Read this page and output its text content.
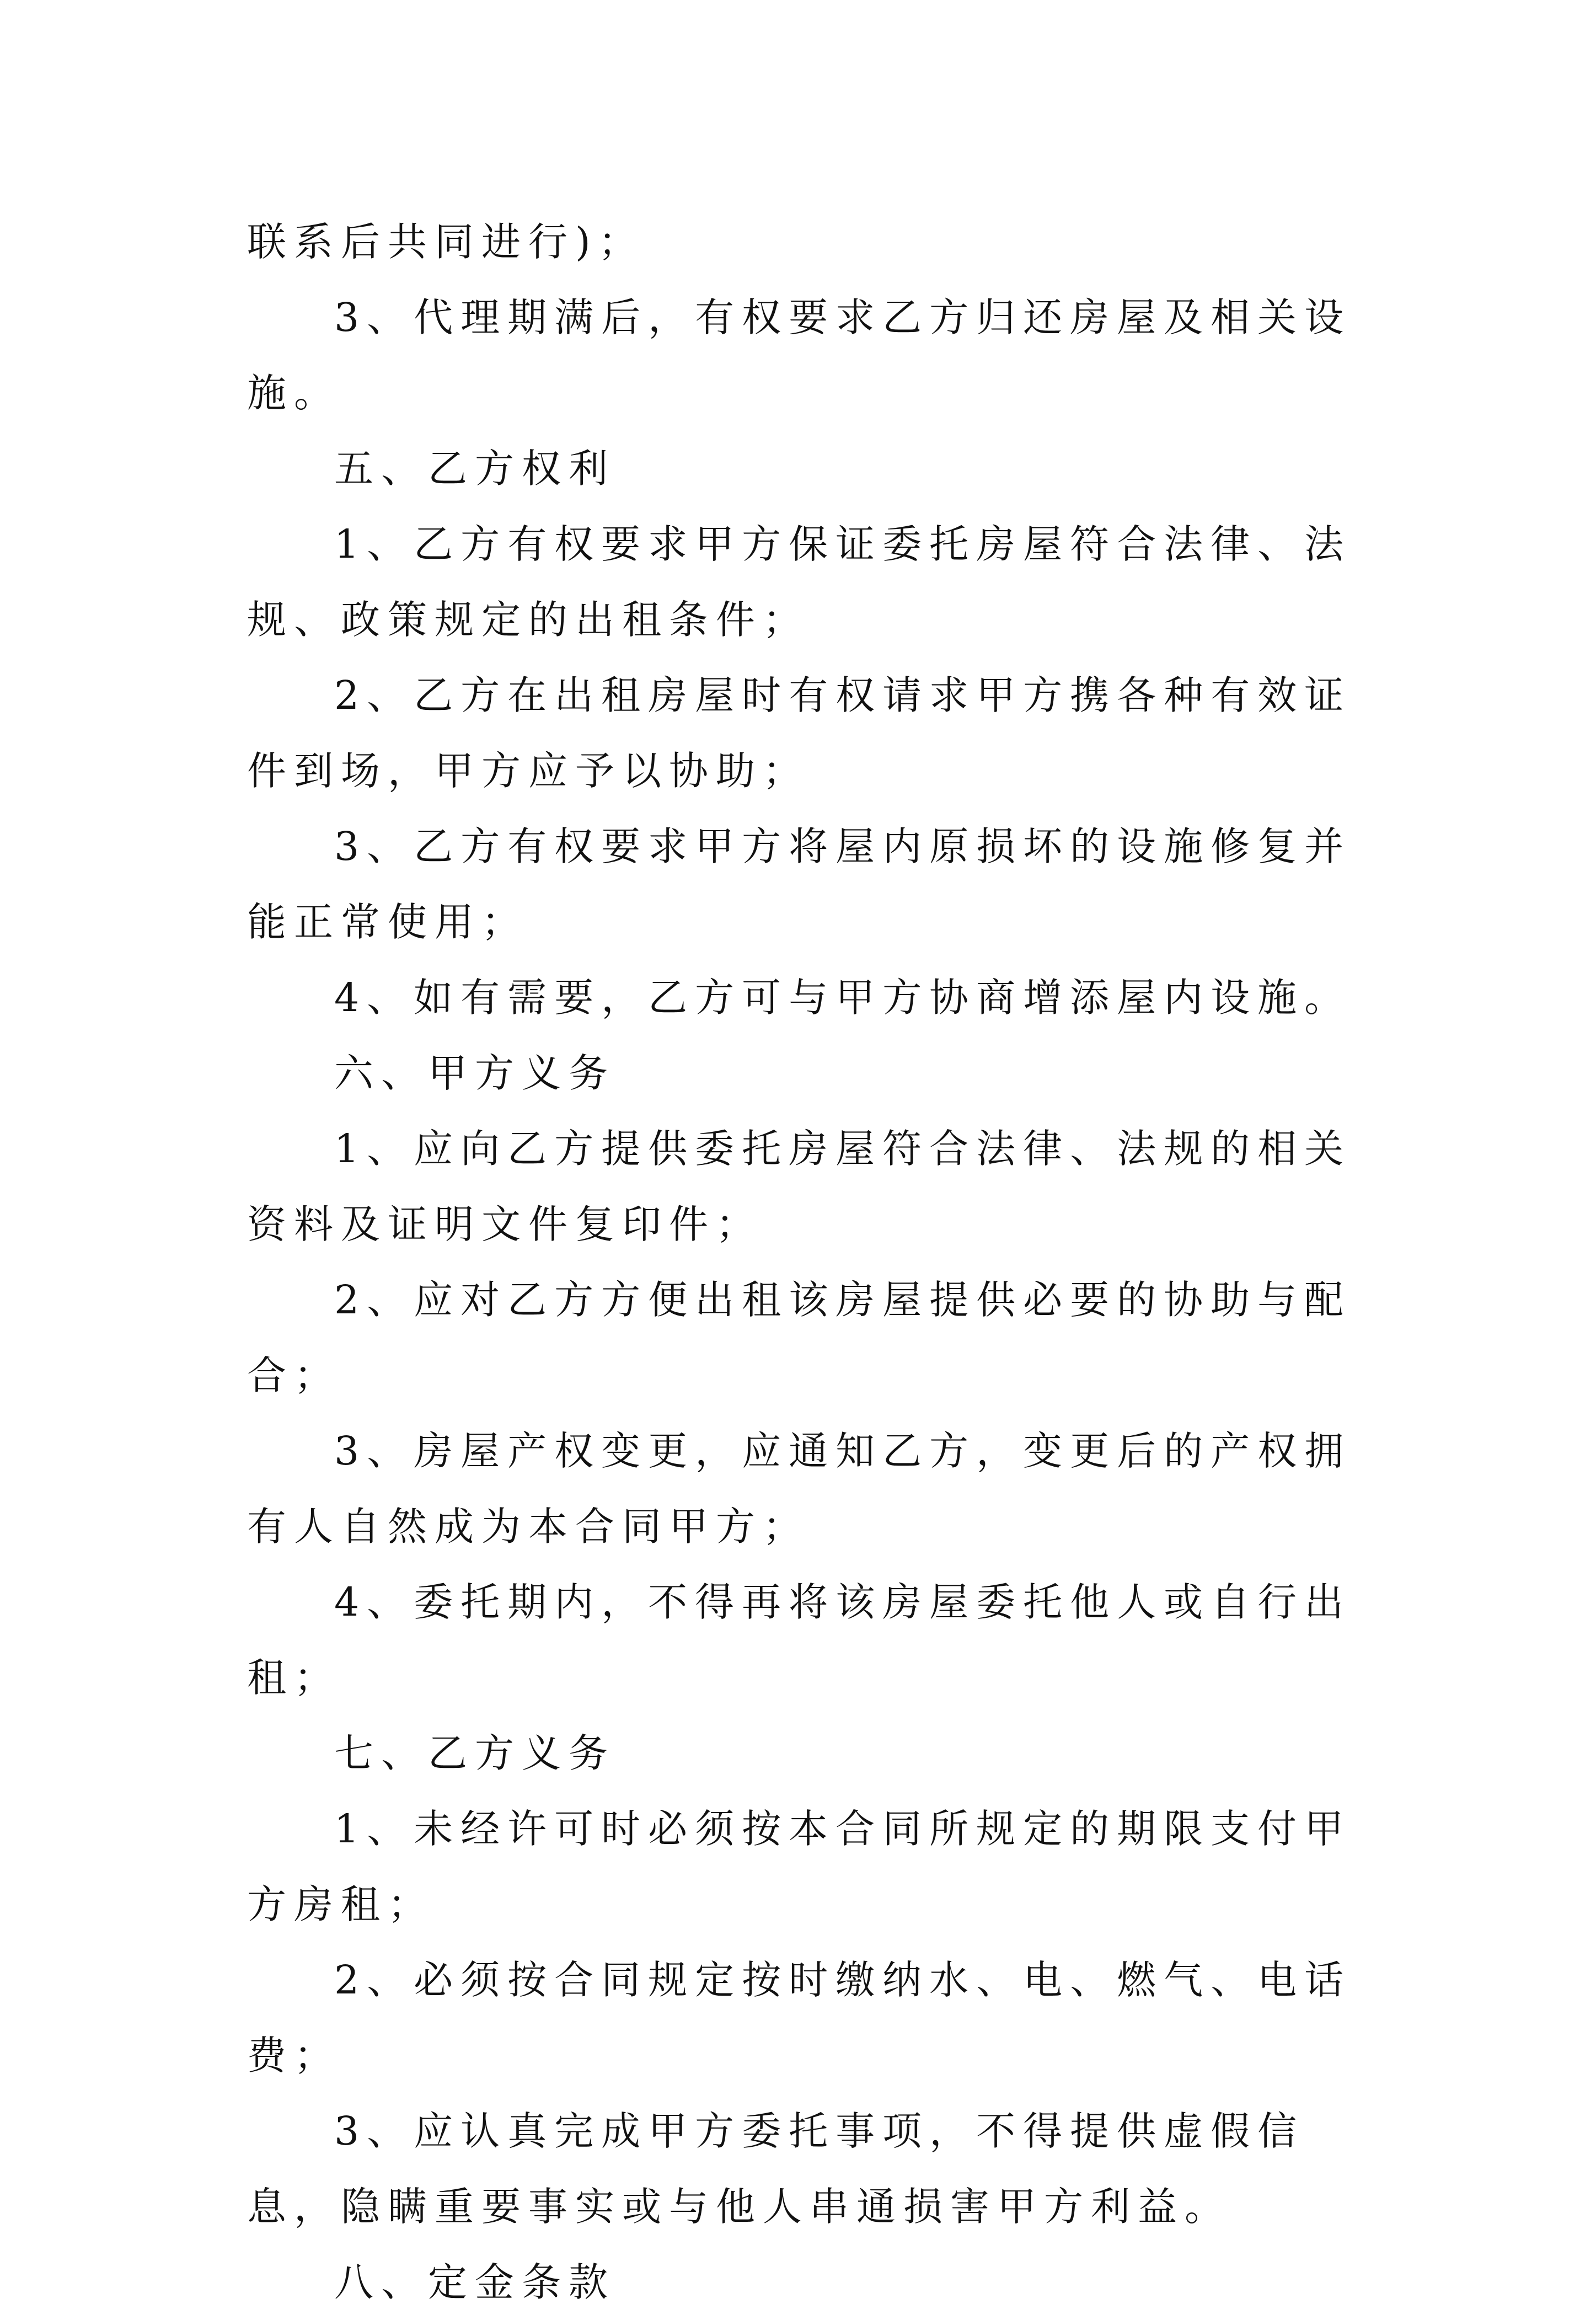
联系后共同进行)；

3、代理期满后，有权要求乙方归还房屋及相关设施。

五、乙方权利

1、乙方有权要求甲方保证委托房屋符合法律、法规、政策规定的出租条件；

2、乙方在出租房屋时有权请求甲方携各种有效证件到场，甲方应予以协助；

3、乙方有权要求甲方将屋内原损坏的设施修复并能正常使用；

4、如有需要，乙方可与甲方协商增添屋内设施。

六、甲方义务

1、应向乙方提供委托房屋符合法律、法规的相关资料及证明文件复印件；

2、应对乙方方便出租该房屋提供必要的协助与配合；

3、房屋产权变更，应通知乙方，变更后的产权拥有人自然成为本合同甲方；

4、委托期内，不得再将该房屋委托他人或自行出租；

七、乙方义务

1、未经许可时必须按本合同所规定的期限支付甲方房租；

2、必须按合同规定按时缴纳水、电、燃气、电话费；

3、应认真完成甲方委托事项，不得提供虚假信息，隐瞒重要事实或与他人串通损害甲方利益。

八、定金条款
